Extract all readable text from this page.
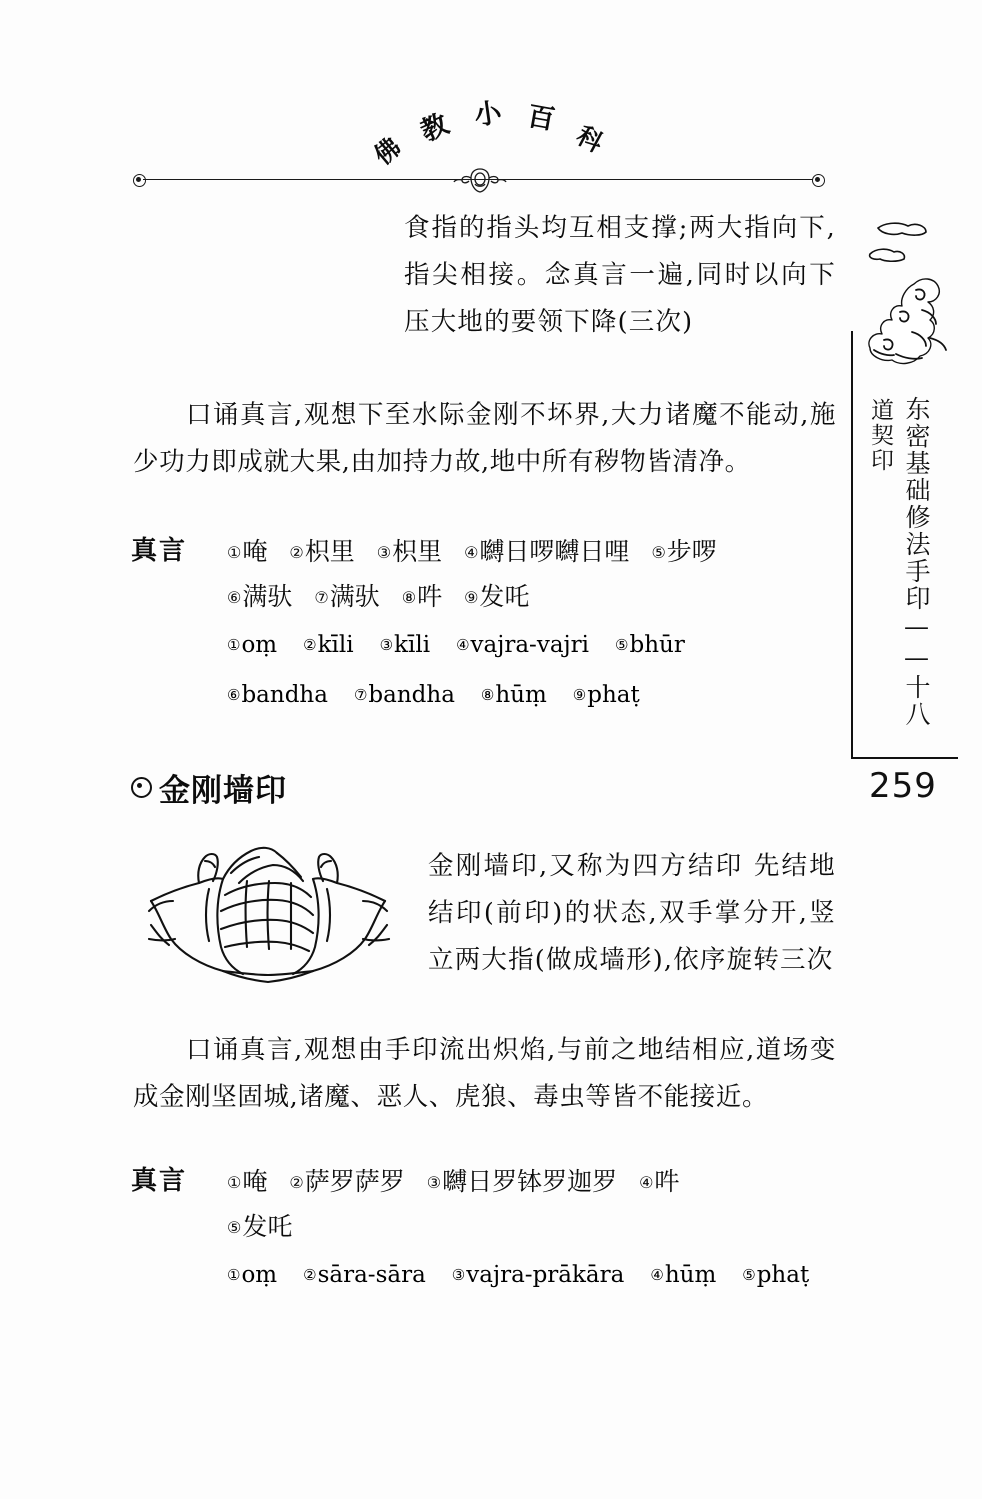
佛
教 小 百
科
食指的指头均互相支撑;两大指向下,指尖相接。念真言一遍,同时以向下压大地的要领下降(三次)
口诵真言,观想下至水际金刚不坏界,大力诸魔不能动,施少功力即成就大果,由加持力故,地中所有秽物皆清净。
真言 ①唵 ②枳里 ③枳里 ④嚩日啰嚩日哩 ⑤步啰
⑥满驮 ⑦满驮 ⑧吽 ⑨发吒
①oṃ ②kīli ③kīli ④vajra-vajri ⑤bhūr
⑥bandha ⑦bandha ⑧hūṃ ⑨phaṭ
金刚墙印
金刚墙印,又称为四方结印 先结地结印(前印)的状态,双手掌分开,竖立两大指(做成墙形),依序旋转三次
口诵真言,观想由手印流出炽焰,与前之地结相应,道场变成金刚坚固城,诸魔、恶人、虎狼、毒虫等皆不能接近。
真言 ①唵 ②萨罗萨罗 ③嚩日罗钵罗迦罗 ④吽
⑤发吒
①oṃ ②sāra-sāra ③vajra-prākāra ④hūṃ ⑤phaṭ
东密基础修法手印——十八
道契印
259
